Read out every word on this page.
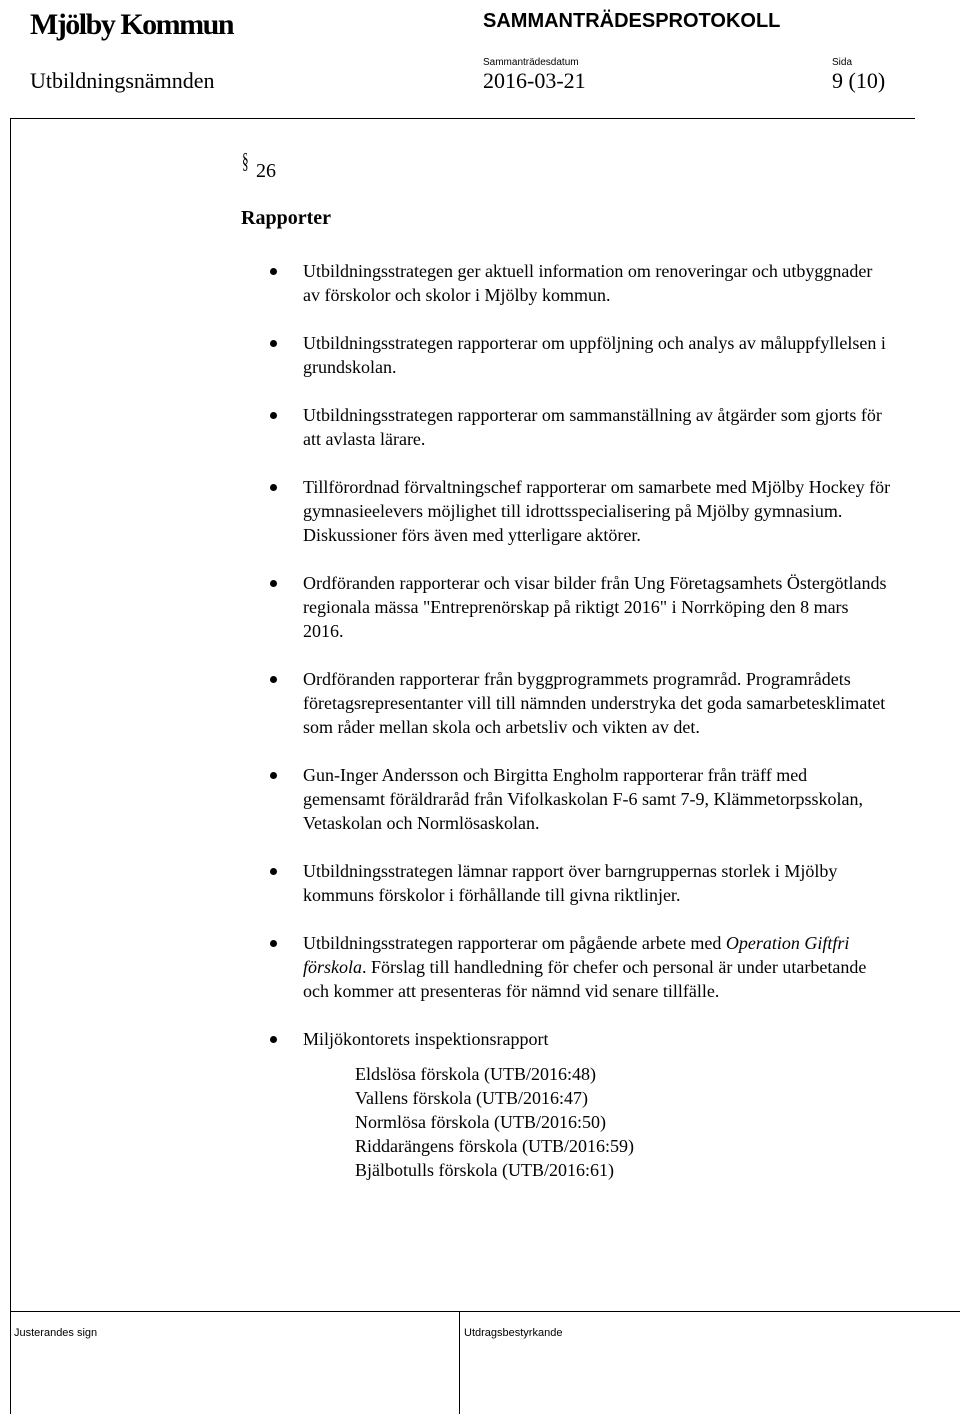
Mjölby Kommun	SAMMANTRÄDESPROTOKOLL
Utbildningsnämnden
Sammanträdesdatum
2016-03-21
Sida
9 (10)
§ 26
Rapporter
Utbildningsstrategen ger aktuell information om renoveringar och utbyggnader av förskolor och skolor i Mjölby kommun.
Utbildningsstrategen rapporterar om uppföljning och analys av måluppfyllelsen i grundskolan.
Utbildningsstrategen rapporterar om sammanställning av åtgärder som gjorts för att avlasta lärare.
Tillförordnad förvaltningschef rapporterar om samarbete med Mjölby Hockey för gymnasieelevers möjlighet till idrottsspecialisering på Mjölby gymnasium. Diskussioner förs även med ytterligare aktörer.
Ordföranden rapporterar och visar bilder från Ung Företagsamhets Östergötlands regionala mässa "Entreprenörskap på riktigt 2016" i Norrköping den 8 mars 2016.
Ordföranden rapporterar från byggprogrammets programråd. Programrådets företagsrepresentanter vill till nämnden understryka det goda samarbetesklimatet som råder mellan skola och arbetsliv och vikten av det.
Gun-Inger Andersson och Birgitta Engholm rapporterar från träff med gemensamt föräldraråd från Vifolkaskolan F-6 samt 7-9, Klämmetorpsskolan, Vetaskolan och Normlösaskolan.
Utbildningsstrategen lämnar rapport över barngruppernas storlek i Mjölby kommuns förskolor i förhållande till givna riktlinjer.
Utbildningsstrategen rapporterar om pågående arbete med Operation Giftfri förskola. Förslag till handledning för chefer och personal är under utarbetande och kommer att presenteras för nämnd vid senare tillfälle.
Miljökontorets inspektionsrapport
Eldslösa förskola (UTB/2016:48)
Vallens förskola (UTB/2016:47)
Normlösa förskola (UTB/2016:50)
Riddarängens förskola (UTB/2016:59)
Bjälbotulls förskola (UTB/2016:61)
Justerandes sign	Utdragsbestyrkande
